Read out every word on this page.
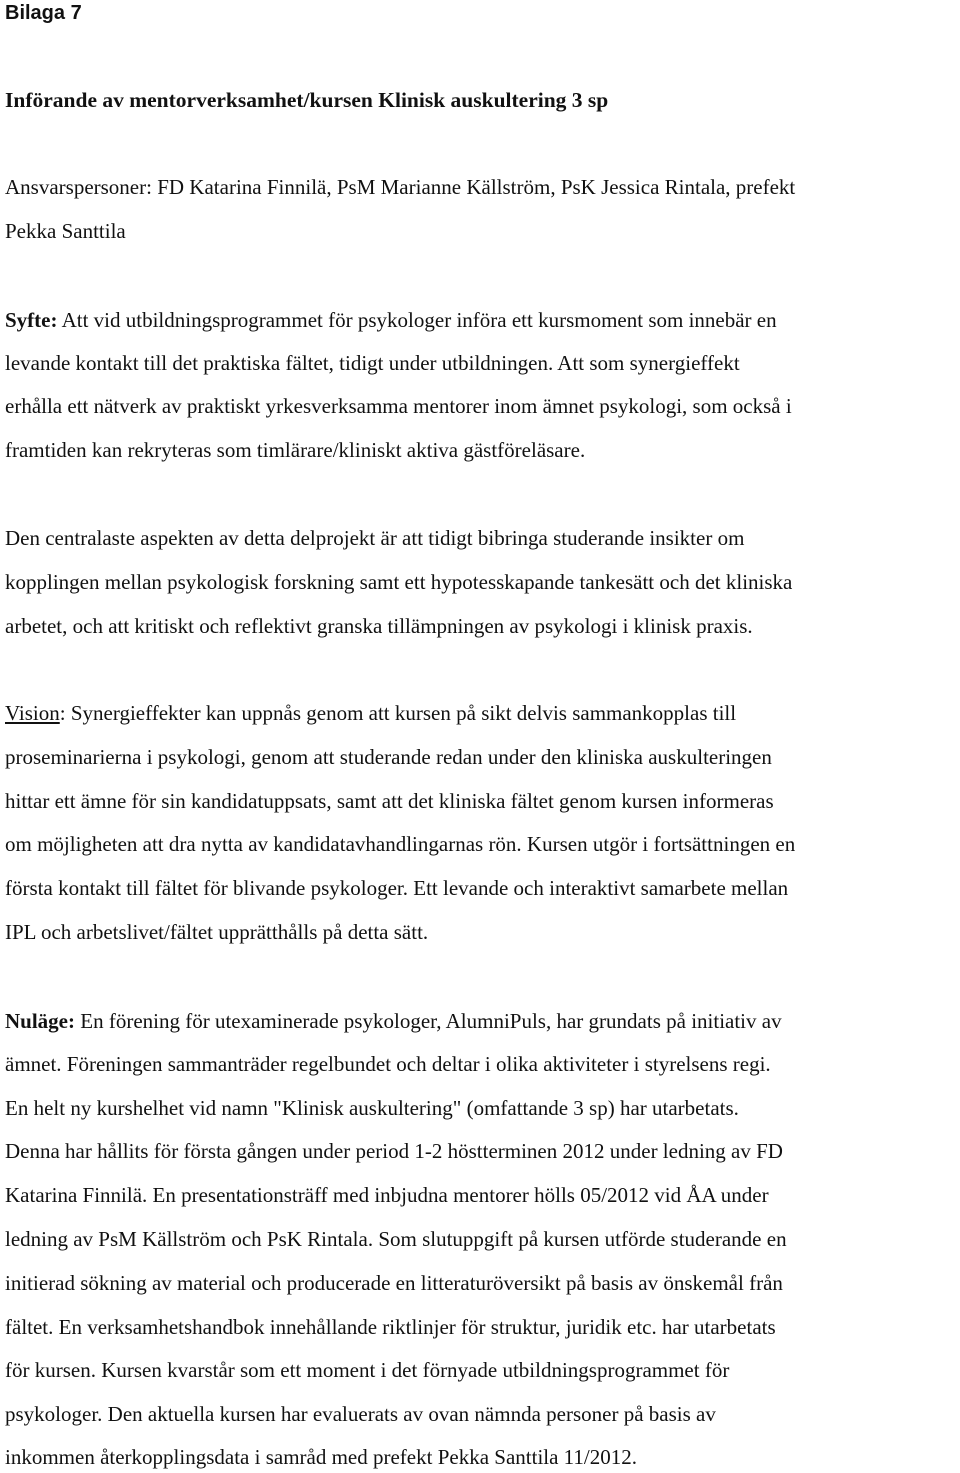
Bilaga 7
Införande av mentorverksamhet/kursen Klinisk auskultering 3 sp
Ansvarspersoner: FD Katarina Finnilä, PsM Marianne Källström, PsK Jessica Rintala, prefekt
Pekka Santtila
Syfte: Att vid utbildningsprogrammet för psykologer införa ett kursmoment som innebär en
levande kontakt till det praktiska fältet, tidigt under utbildningen. Att som synergieffekt
erhålla ett nätverk av praktiskt yrkesverksamma mentorer inom ämnet psykologi, som också i
framtiden kan rekryteras som timlärare/kliniskt aktiva gästföreläsare.
Den centralaste aspekten av detta delprojekt är att tidigt bibringa studerande insikter om
kopplingen mellan psykologisk forskning samt ett hypotesskapande tankesätt och det kliniska
arbetet, och att kritiskt och reflektivt granska tillämpningen av psykologi i klinisk praxis.
Vision: Synergieffekter kan uppnås genom att kursen på sikt delvis sammankopplas till
proseminarierna i psykologi, genom att studerande redan under den kliniska auskulteringen
hittar ett ämne för sin kandidatuppsats, samt att det kliniska fältet genom kursen informeras
om möjligheten att dra nytta av kandidatavhandlingarnas rön. Kursen utgör i fortsättningen en
första kontakt till fältet för blivande psykologer. Ett levande och interaktivt samarbete mellan
IPL och arbetslivet/fältet upprätthålls på detta sätt.
Nuläge: En förening för utexaminerade psykologer, AlumniPuls, har grundats på initiativ av
ämnet. Föreningen sammanträder regelbundet och deltar i olika aktiviteter i styrelsens regi.
En helt ny kurshelhet vid namn "Klinisk auskultering" (omfattande 3 sp) har utarbetats.
Denna har hållits för första gången under period 1-2 höstterminen 2012 under ledning av FD
Katarina Finnilä. En presentationsträff med inbjudna mentorer hölls 05/2012 vid ÅA under
ledning av PsM Källström och PsK Rintala. Som slutuppgift på kursen utförde studerande en
initierad sökning av material och producerade en litteraturöversikt på basis av önskemål från
fältet. En verksamhetshandbok innehållande riktlinjer för struktur, juridik etc. har utarbetats
för kursen. Kursen kvarstår som ett moment i det förnyade utbildningsprogrammet för
psykologer. Den aktuella kursen har evaluerats av ovan nämnda personer på basis av
inkommen återkopplingsdata i samråd med prefekt Pekka Santtila 11/2012.
